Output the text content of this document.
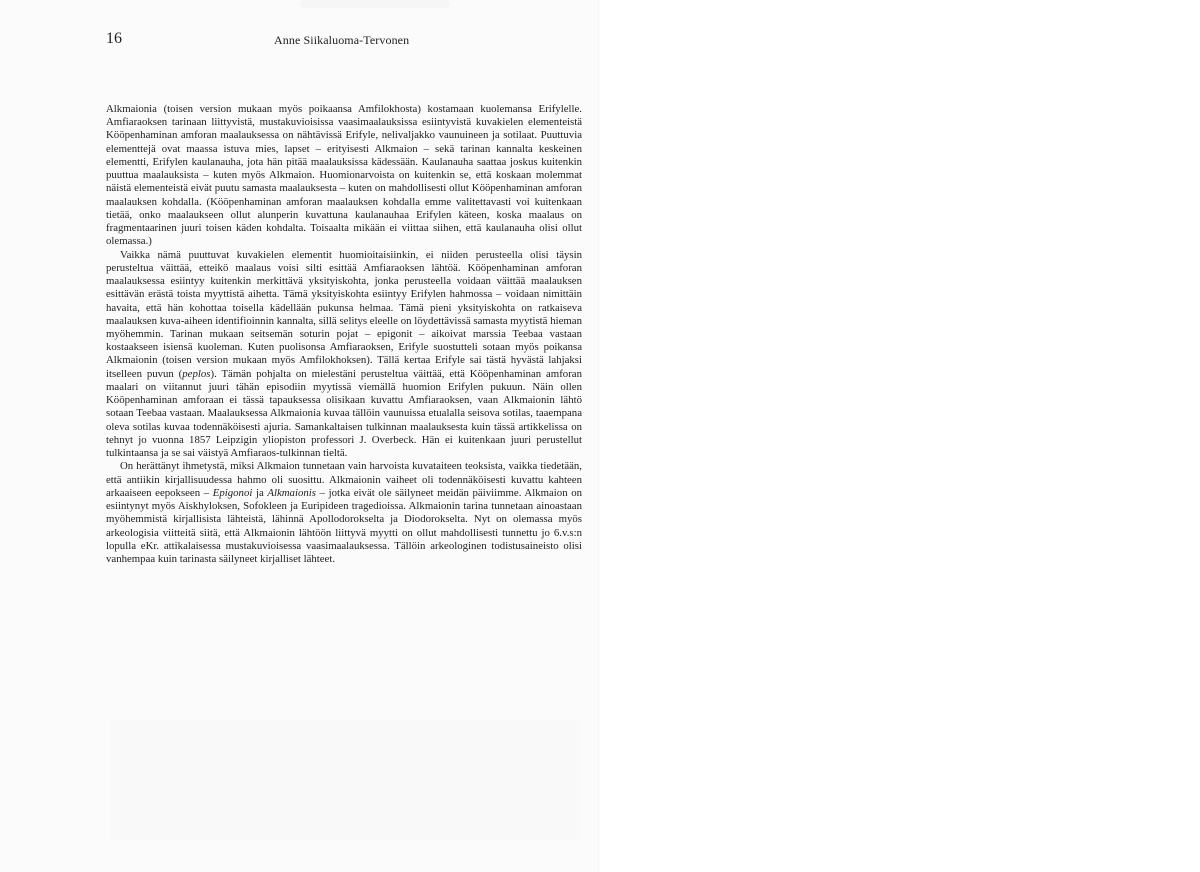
16	Anne Siikaluoma-Tervonen

Alkmaionia (toisen version mukaan myös poikaansa Amfilokhosta) kostamaan kuolemansa Erifylelle. Amfiaraoksen tarinaan liittyvistä, mustakuvioisissa vaasimaalauksissa esiintyvistä kuvakielen elementeistä Kööpenhaminan amforan maalauksessa on nähtävissä Erifyle, nelivaljakko vaunuineen ja sotilaat. Puuttuvia elementtejä ovat maassa istuva mies, lapset – erityisesti Alkmaion – sekä tarinan kannalta keskeinen elementti, Erifylen kaulanauha, jota hän pitää maalauksissa kädessään. Kaulanauha saattaa joskus kuitenkin puuttua maalauksista – kuten myös Alkmaion. Huomionarvoista on kuitenkin se, että koskaan molemmat näistä elementeistä eivät puutu samasta maalauksesta – kuten on mahdollisesti ollut Kööpenhaminan amforan maalauksen kohdalla. (Kööpenhaminan amforan maalauksen kohdalla emme valitettavasti voi kuitenkaan tietää, onko maalaukseen ollut alunperin kuvattuna kaulanauhaa Erifylen käteen, koska maalaus on fragmentaarinen juuri toisen käden kohdalta. Toisaalta mikään ei viittaa siihen, että kaulanauha olisi ollut olemassa.)

Vaikka nämä puuttuvat kuvakielen elementit huomioitaisiinkin, ei niiden perusteella olisi täysin perusteltua väittää, etteikö maalaus voisi silti esittää Amfiaraoksen lähtöä. Kööpenhaminan amforan maalauksessa esiintyy kuitenkin merkittävä yksityiskohta, jonka perusteella voidaan väittää maalauksen esittävän erästä toista myyttistä aihetta. Tämä yksityiskohta esiintyy Erifylen hahmossa – voidaan nimittäin havaita, että hän kohottaa toisella kädellään pukunsa helmaa. Tämä pieni yksityiskohta on ratkaiseva maalauksen kuva-aiheen identifioinnin kannalta, sillä selitys eleelle on löydettävissä samasta myytistä hieman myöhemmin. Tarinan mukaan seitsemän soturin pojat – epigonit – aikoivat marssia Teebaa vastaan kostaakseen isiensä kuoleman. Kuten puolisonsa Amfiaraoksen, Erifyle suostutteli sotaan myös poikansa Alkmaionin (toisen version mukaan myös Amfilokhoksen). Tällä kertaa Erifyle sai tästä hyvästä lahjaksi itselleen puvun (peplos). Tämän pohjalta on mielestäni perusteltua väittää, että Kööpenhaminan amforan maalari on viitannut juuri tähän episodiin myytissä viemällä huomion Erifylen pukuun. Näin ollen Kööpenhaminan amforaan ei tässä tapauksessa olisikaan kuvattu Amfiaraoksen, vaan Alkmaionin lähtö sotaan Teebaa vastaan. Maalauksessa Alkmaionia kuvaa tällöin vaunuissa etualalla seisova sotilas, taaempana oleva sotilas kuvaa todennäköisesti ajuria. Samankaltaisen tulkinnan maalauksesta kuin tässä artikkelissa on tehnyt jo vuonna 1857 Leipzigin yliopiston professori J. Overbeck. Hän ei kuitenkaan juuri perustellut tulkintaansa ja se sai väistyä Amfiaraos-tulkinnan tieltä.

On herättänyt ihmetystä, miksi Alkmaion tunnetaan vain harvoista kuvataiteen teoksista, vaikka tiedetään, että antiikin kirjallisuudessa hahmo oli suosittu. Alkmaionin vaiheet oli todennäköisesti kuvattu kahteen arkaaiseen eepokseen – Epigonoi ja Alkmaionis – jotka eivät ole säilyneet meidän päiviimme. Alkmaion on esiintynyt myös Aiskhyloksen, Sofokleen ja Euripideen tragedioissa. Alkmaionin tarina tunnetaan ainoastaan myöhemmistä kirjallisista lähteistä, lähinnä Apollodorokselta ja Diodorokselta. Nyt on olemassa myös arkeologisia viitteitä siitä, että Alkmaionin lähtöön liittyvä myytti on ollut mahdollisesti tunnettu jo 6.v.s:n lopulla eKr. attikalaisessa mustakuvioisessa vaasimaalauksessa. Tällöin arkeologinen todistusaineisto olisi vanhempaa kuin tarinasta säilyneet kirjalliset lähteet.
